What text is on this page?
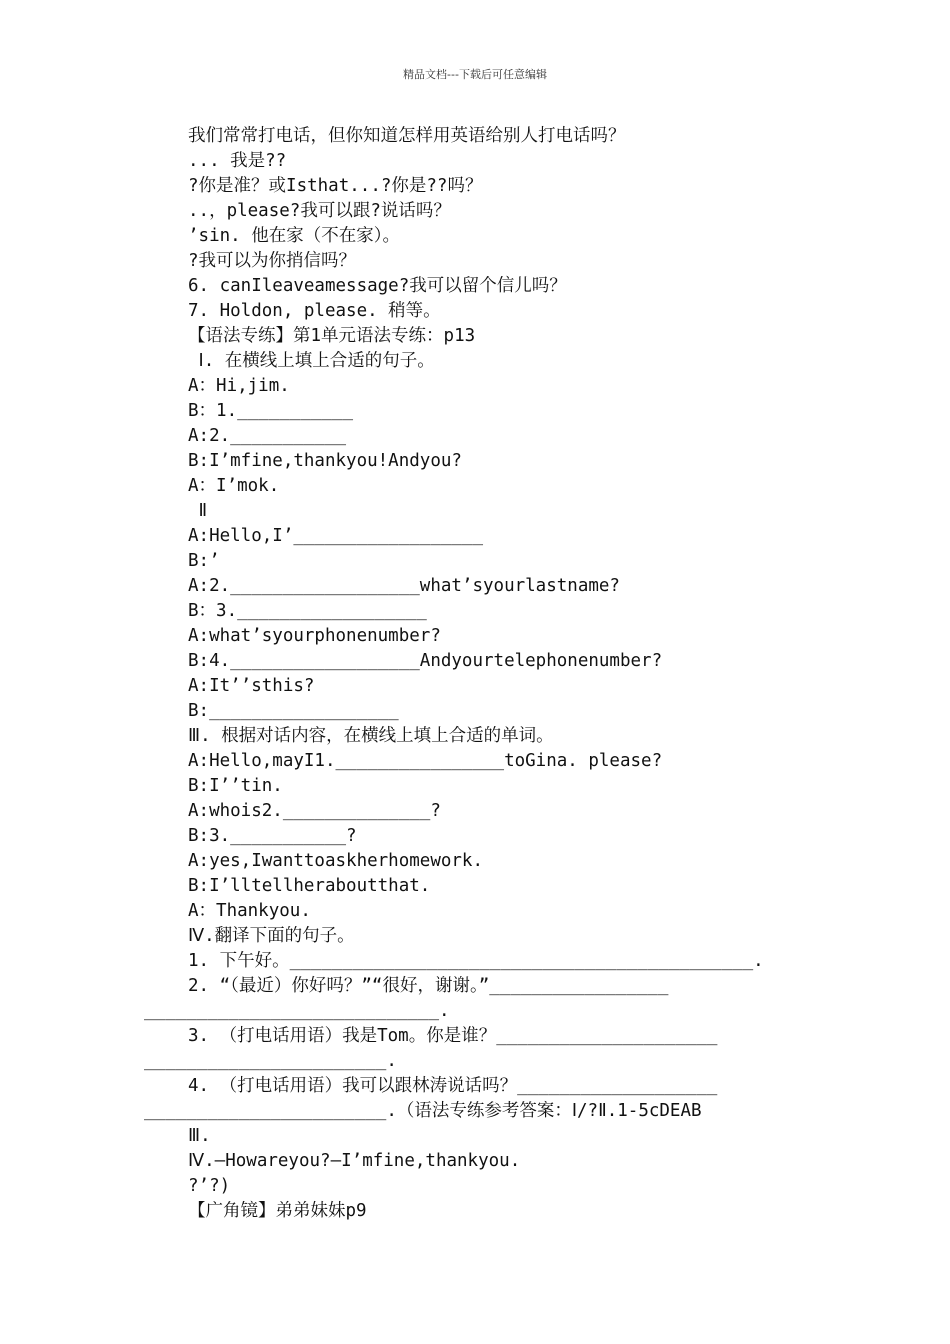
精品文档---下载后可任意编辑
我们常常打电话，但你知道怎样用英语给别人打电话吗？
... 我是??
?你是准？或Isthat...?你是??吗？
..，please?我可以跟?说话吗？
’sin. 他在家（不在家）。
?我可以为你捎信吗？
6. canIleaveamessage?我可以留个信儿吗？
7. Holdon, please. 稍等。
【语法专练】第1单元语法专练：p13
Ⅰ. 在横线上填上合适的句子。
A：Hi,jim.
B：1.___________
A:2.___________
B:I’mfine,thankyou!Andyou?
A：I’mok.
Ⅱ
A:Hello,I’__________________
B:’
A:2.__________________what’syourlastname?
B：3.__________________
A:what’syourphonenumber?
B:4.__________________Andyourtelephonenumber?
A:It’’sthis?
B:__________________
Ⅲ. 根据对话内容，在横线上填上合适的单词。
A:Hello,mayI1.________________toGina. please?
B:I’’tin.
A:whois2.______________?
B:3.___________?
A:yes,Iwanttoaskherhomework.
B:I’lltellheraboutthat.
A：Thankyou.
Ⅳ.翻译下面的句子。
1. 下午好。____________________________________________.
2. “（最近）你好吗？”“很好，谢谢。”_________________
____________________________.
3. （打电话用语）我是Tom。你是谁？_____________________
_______________________.
4. （打电话用语）我可以跟林涛说话吗？___________________
_______________________.（语法专练参考答案：Ⅰ/?Ⅱ.1-5cDEAB
Ⅲ.
Ⅳ.—Howareyou?—I’mfine,thankyou.
?’?)
【广角镜】弟弟妹妹p9
